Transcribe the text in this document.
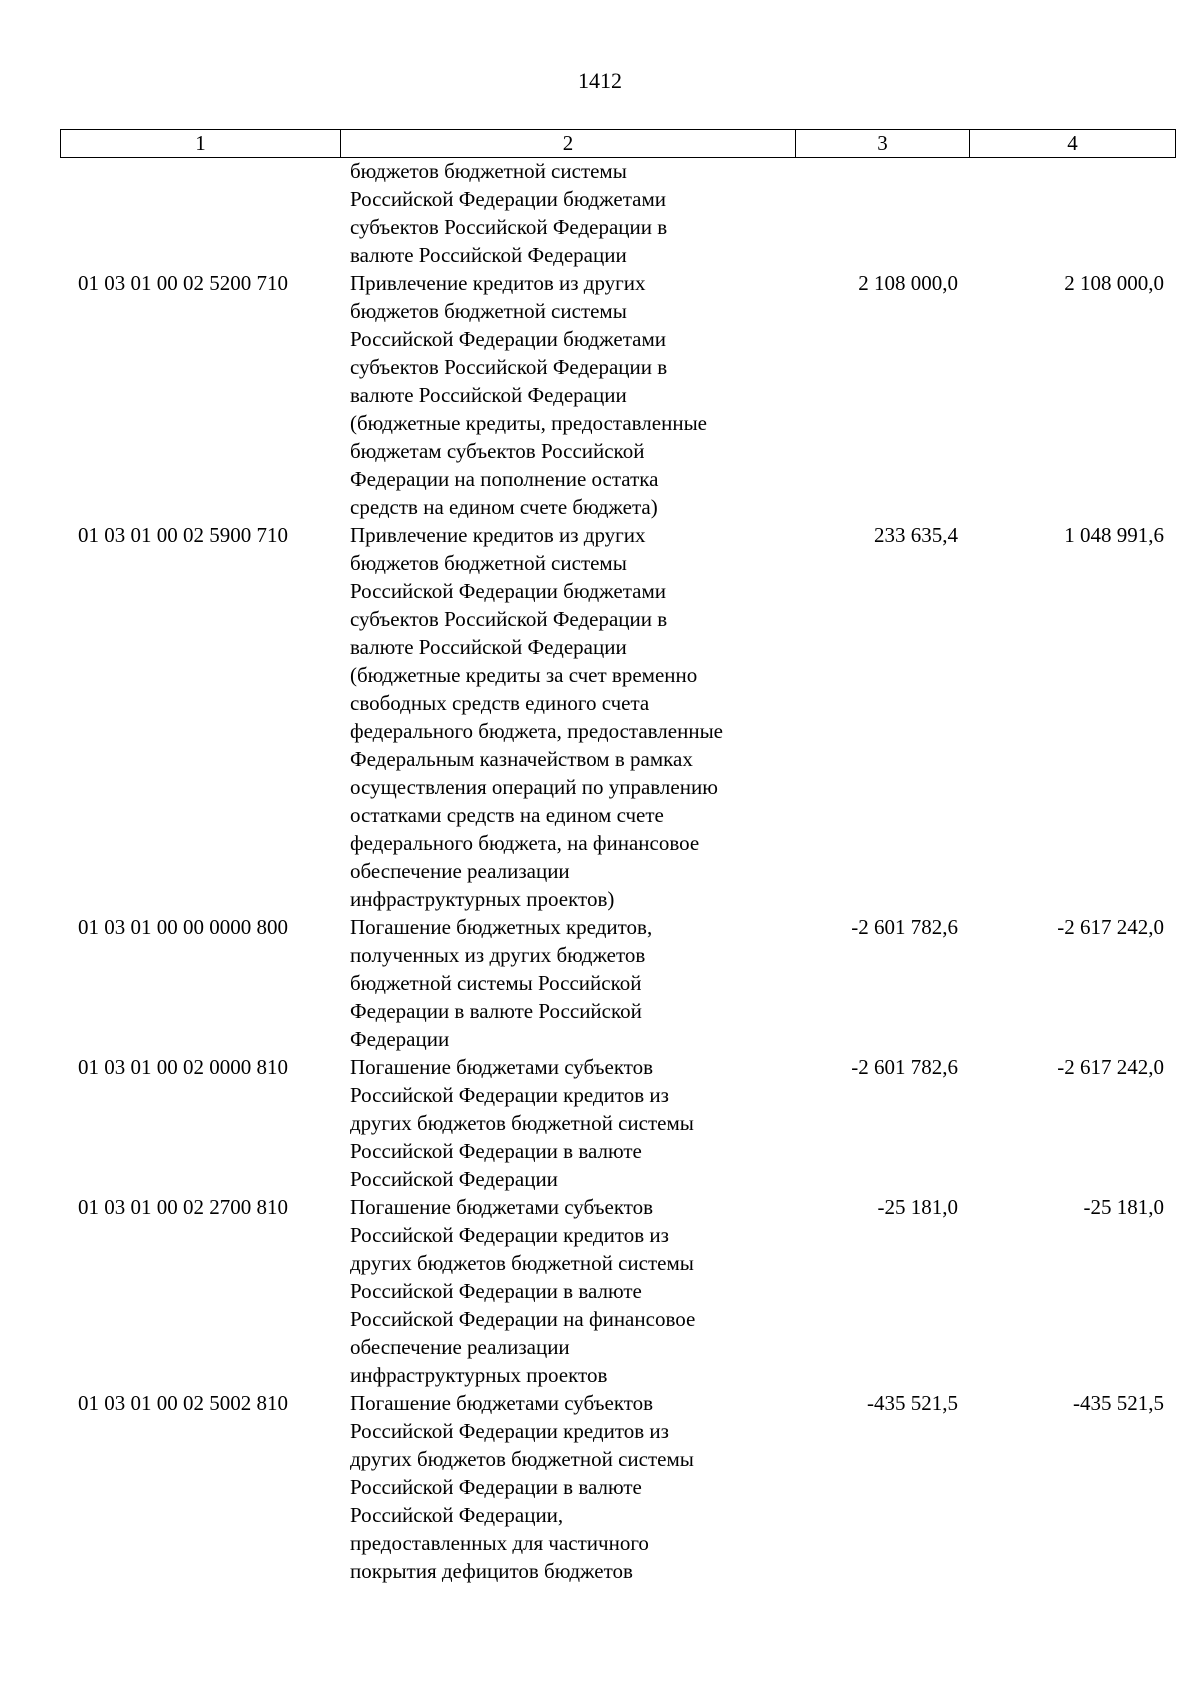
1412
1	2	3	4
бюджетов бюджетной системы
Российской Федерации бюджетами
субъектов Российской Федерации в
валюте Российской Федерации
01 03 01 00 02 5200 710	Привлечение кредитов из других
бюджетов бюджетной системы
Российской Федерации бюджетами
субъектов Российской Федерации в
валюте Российской Федерации
(бюджетные кредиты, предоставленные
бюджетам субъектов Российской
Федерации на пополнение остатка
средств на едином счете бюджета)
2 108 000,0	2 108 000,0
01 03 01 00 02 5900 710	Привлечение кредитов из других
бюджетов бюджетной системы
Российской Федерации бюджетами
субъектов Российской Федерации в
валюте Российской Федерации
(бюджетные кредиты за счет временно
свободных средств единого счета
федерального бюджета, предоставленные
Федеральным казначейством в рамках
осуществления операций по управлению
остатками средств на едином счете
федерального бюджета, на финансовое
обеспечение реализации
инфраструктурных проектов)
233 635,4	1 048 991,6
01 03 01 00 00 0000 800	Погашение бюджетных кредитов,
полученных из других бюджетов
бюджетной системы Российской
Федерации в валюте Российской
Федерации
-2 601 782,6	-2 617 242,0
01 03 01 00 02 0000 810	Погашение бюджетами субъектов
Российской Федерации кредитов из
других бюджетов бюджетной системы
Российской Федерации в валюте
Российской Федерации
-2 601 782,6	-2 617 242,0
01 03 01 00 02 2700 810	Погашение бюджетами субъектов
Российской Федерации кредитов из
других бюджетов бюджетной системы
Российской Федерации в валюте
Российской Федерации на финансовое
обеспечение реализации
инфраструктурных проектов
-25 181,0	-25 181,0
01 03 01 00 02 5002 810	Погашение бюджетами субъектов
Российской Федерации кредитов из
других бюджетов бюджетной системы
Российской Федерации в валюте
Российской Федерации,
предоставленных для частичного
покрытия дефицитов бюджетов
-435 521,5	-435 521,5
